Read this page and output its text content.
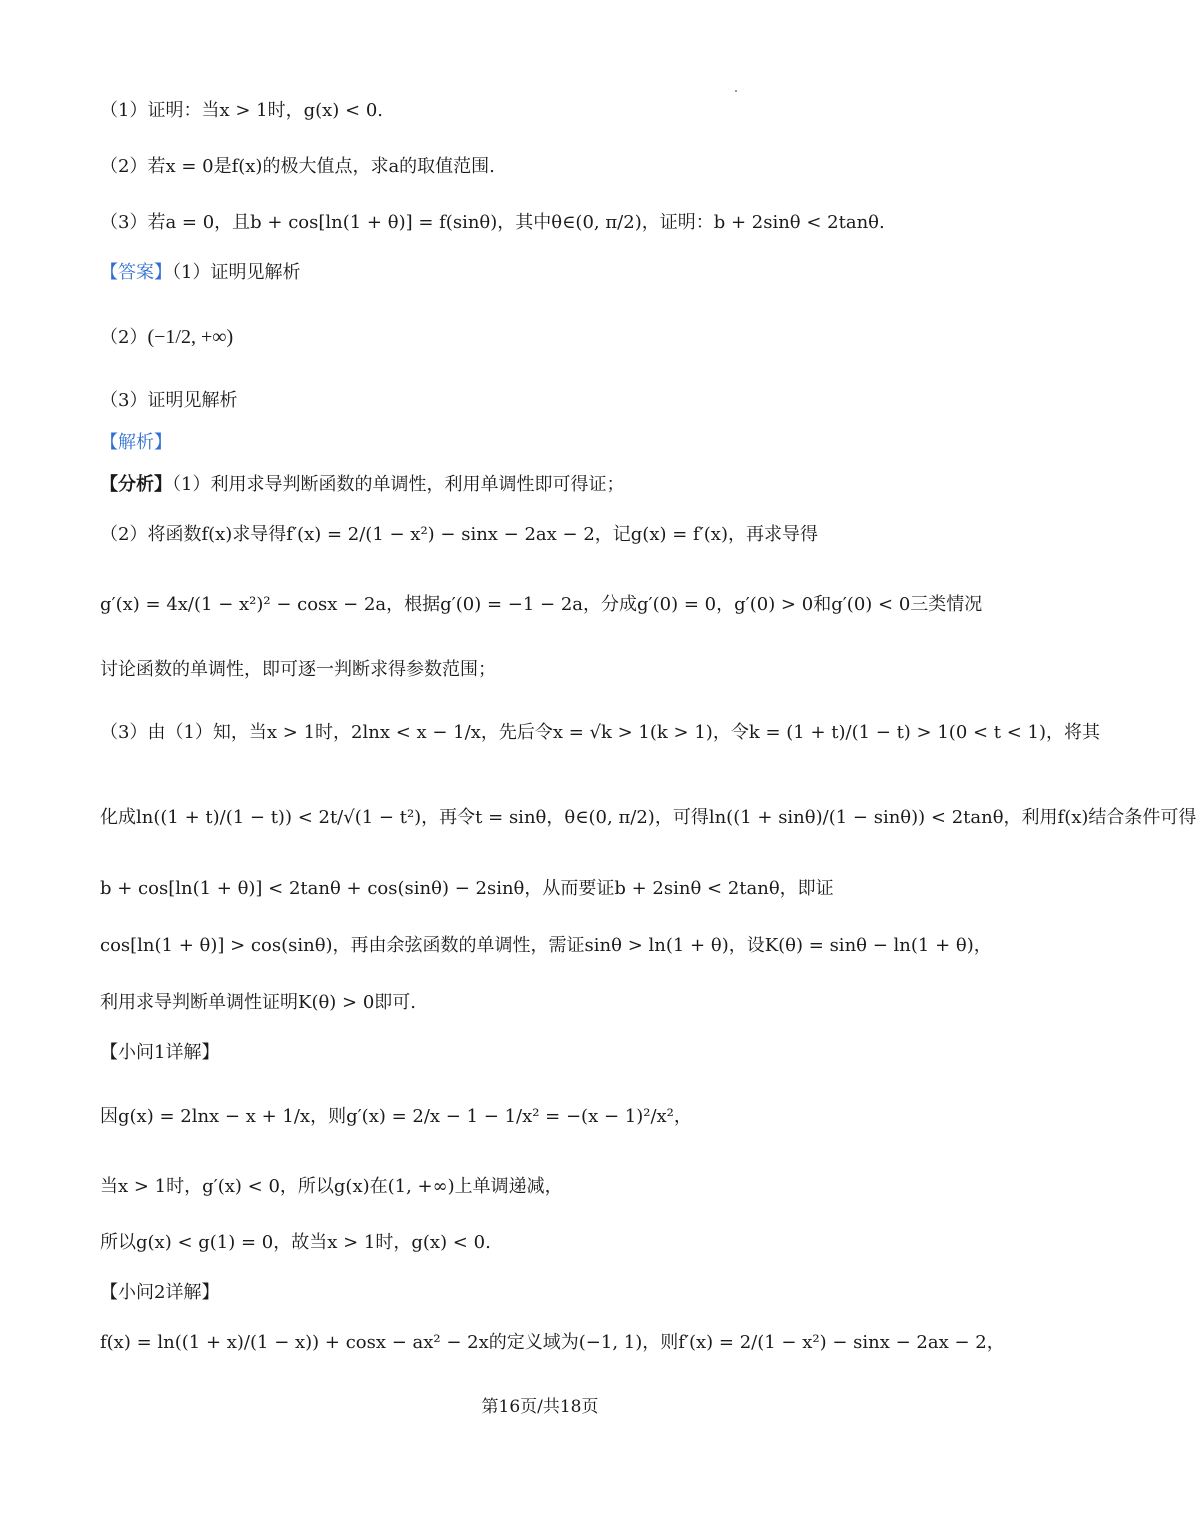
（1）证明：当x > 1时，g(x) < 0.
（2）若x = 0是f(x)的极大值点，求a的取值范围.
（3）若a = 0，且b + cos[ln(1 + θ)] = f(sinθ)，其中θ∈(0, π/2)，证明：b + 2sinθ < 2tanθ.
【答案】（1）证明见解析
（2）(−1/2, +∞)
（3）证明见解析
【解析】
【分析】（1）利用求导判断函数的单调性，利用单调性即可得证；
（2）将函数f(x)求导得f′(x) = 2/(1 − x²) − sinx − 2ax − 2，记g(x) = f′(x)，再求导得
g′(x) = 4x/(1 − x²)² − cosx − 2a，根据g′(0) = −1 − 2a，分成g′(0) = 0，g′(0) > 0和g′(0) < 0三类情况
讨论函数的单调性，即可逐一判断求得参数范围；
（3）由（1）知，当x > 1时，2lnx < x − 1/x，先后令x = √k > 1(k > 1)，令k = (1 + t)/(1 − t) > 1(0 < t < 1)，将其
化成ln((1 + t)/(1 − t)) < 2t/√(1 − t²)，再令t = sinθ，θ∈(0, π/2)，可得ln((1 + sinθ)/(1 − sinθ)) < 2tanθ，利用f(x)结合条件可得
b + cos[ln(1 + θ)] < 2tanθ + cos(sinθ) − 2sinθ，从而要证b + 2sinθ < 2tanθ，即证
cos[ln(1 + θ)] > cos(sinθ)，再由余弦函数的单调性，需证sinθ > ln(1 + θ)，设K(θ) = sinθ − ln(1 + θ)，
利用求导判断单调性证明K(θ) > 0即可.
【小问1详解】
因g(x) = 2lnx − x + 1/x，则g′(x) = 2/x − 1 − 1/x² = −(x − 1)²/x²，
当x > 1时，g′(x) < 0，所以g(x)在(1, +∞)上单调递减，
所以g(x) < g(1) = 0，故当x > 1时，g(x) < 0.
【小问2详解】
f(x) = ln((1 + x)/(1 − x)) + cosx − ax² − 2x的定义域为(−1, 1)，则f′(x) = 2/(1 − x²) − sinx − 2ax − 2，
第16页/共18页
